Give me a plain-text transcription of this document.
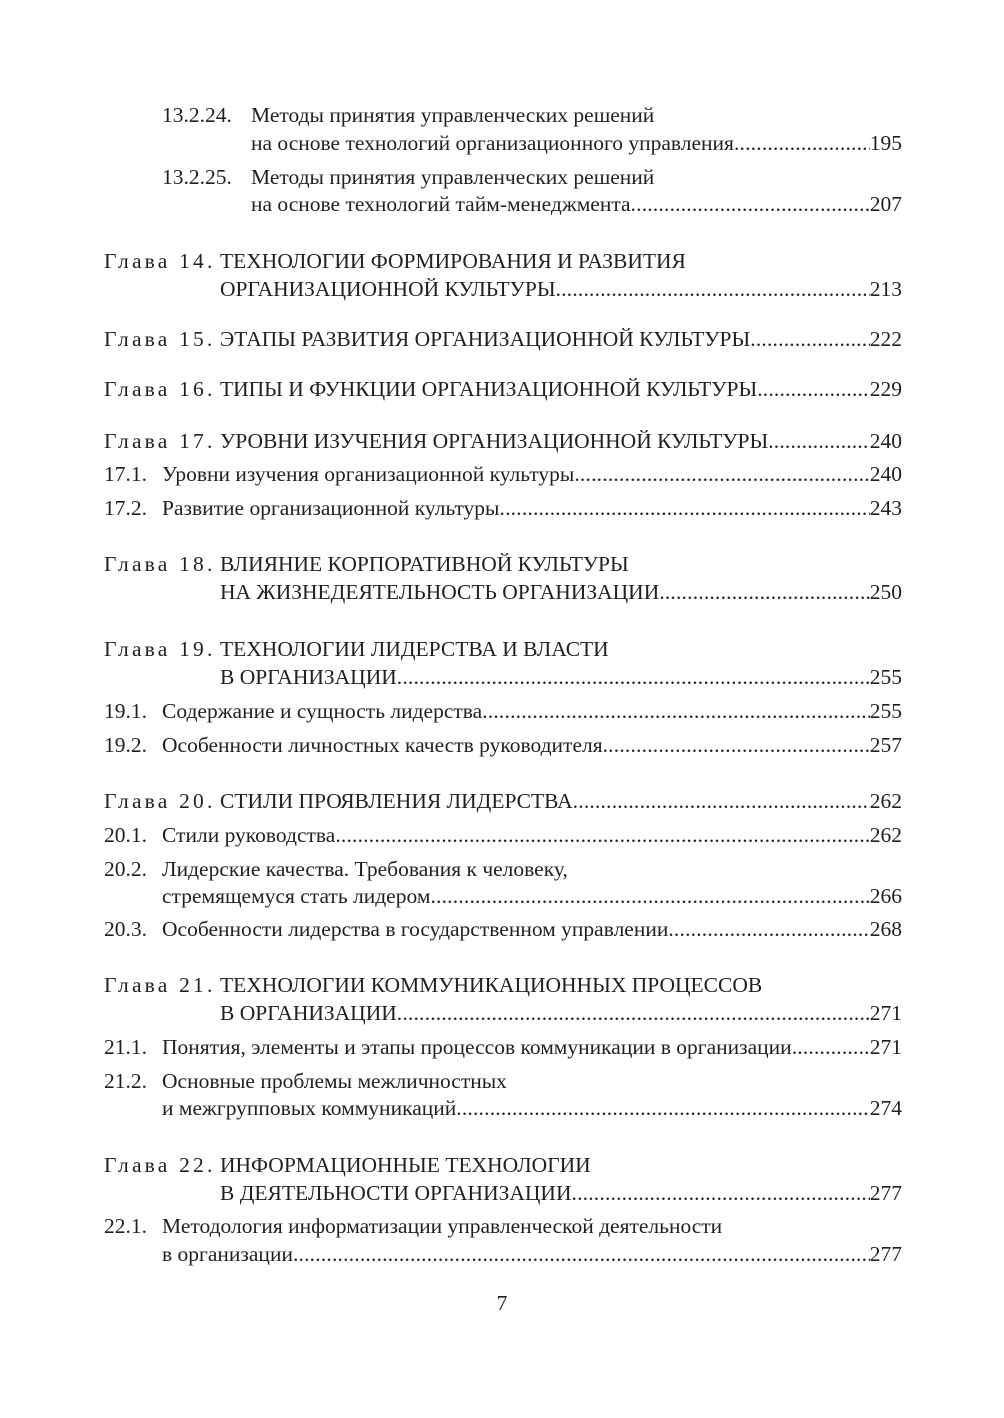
13.2.24. Методы принятия управленческих решений
на основе технологий организационного управления .....	195
13.2.25. Методы принятия управленческих решений
на основе технологий тайм-менеджмента .....	207
Глава 14. ТЕХНОЛОГИИ ФОРМИРОВАНИЯ И РАЗВИТИЯ
ОРГАНИЗАЦИОННОЙ КУЛЬТУРЫ .....	213
Глава 15. ЭТАПЫ РАЗВИТИЯ ОРГАНИЗАЦИОННОЙ КУЛЬТУРЫ .....	222
Глава 16. ТИПЫ И ФУНКЦИИ ОРГАНИЗАЦИОННОЙ КУЛЬТУРЫ .....	229
Глава 17. УРОВНИ ИЗУЧЕНИЯ ОРГАНИЗАЦИОННОЙ КУЛЬТУРЫ .....	240
17.1. Уровни изучения организационной культуры .....	240
17.2. Развитие организационной культуры .....	243
Глава 18. ВЛИЯНИЕ КОРПОРАТИВНОЙ КУЛЬТУРЫ
НА ЖИЗНЕДЕЯТЕЛЬНОСТЬ ОРГАНИЗАЦИИ .....	250
Глава 19. ТЕХНОЛОГИИ ЛИДЕРСТВА И ВЛАСТИ
В ОРГАНИЗАЦИИ .....	255
19.1. Содержание и сущность лидерства .....	255
19.2. Особенности личностных качеств руководителя .....	257
Глава 20. СТИЛИ ПРОЯВЛЕНИЯ ЛИДЕРСТВА .....	262
20.1. Стили руководства .....	262
20.2. Лидерские качества. Требования к человеку,
стремящемуся стать лидером .....	266
20.3. Особенности лидерства в государственном управлении .....	268
Глава 21. ТЕХНОЛОГИИ КОММУНИКАЦИОННЫХ ПРОЦЕССОВ
В ОРГАНИЗАЦИИ .....	271
21.1. Понятия, элементы и этапы процессов коммуникации в организации .....	271
21.2. Основные проблемы межличностных
и межгрупповых коммуникаций .....	274
Глава 22. ИНФОРМАЦИОННЫЕ ТЕХНОЛОГИИ
В ДЕЯТЕЛЬНОСТИ ОРГАНИЗАЦИИ .....	277
22.1. Методология информатизации управленческой деятельности
в организации .....	277
7
